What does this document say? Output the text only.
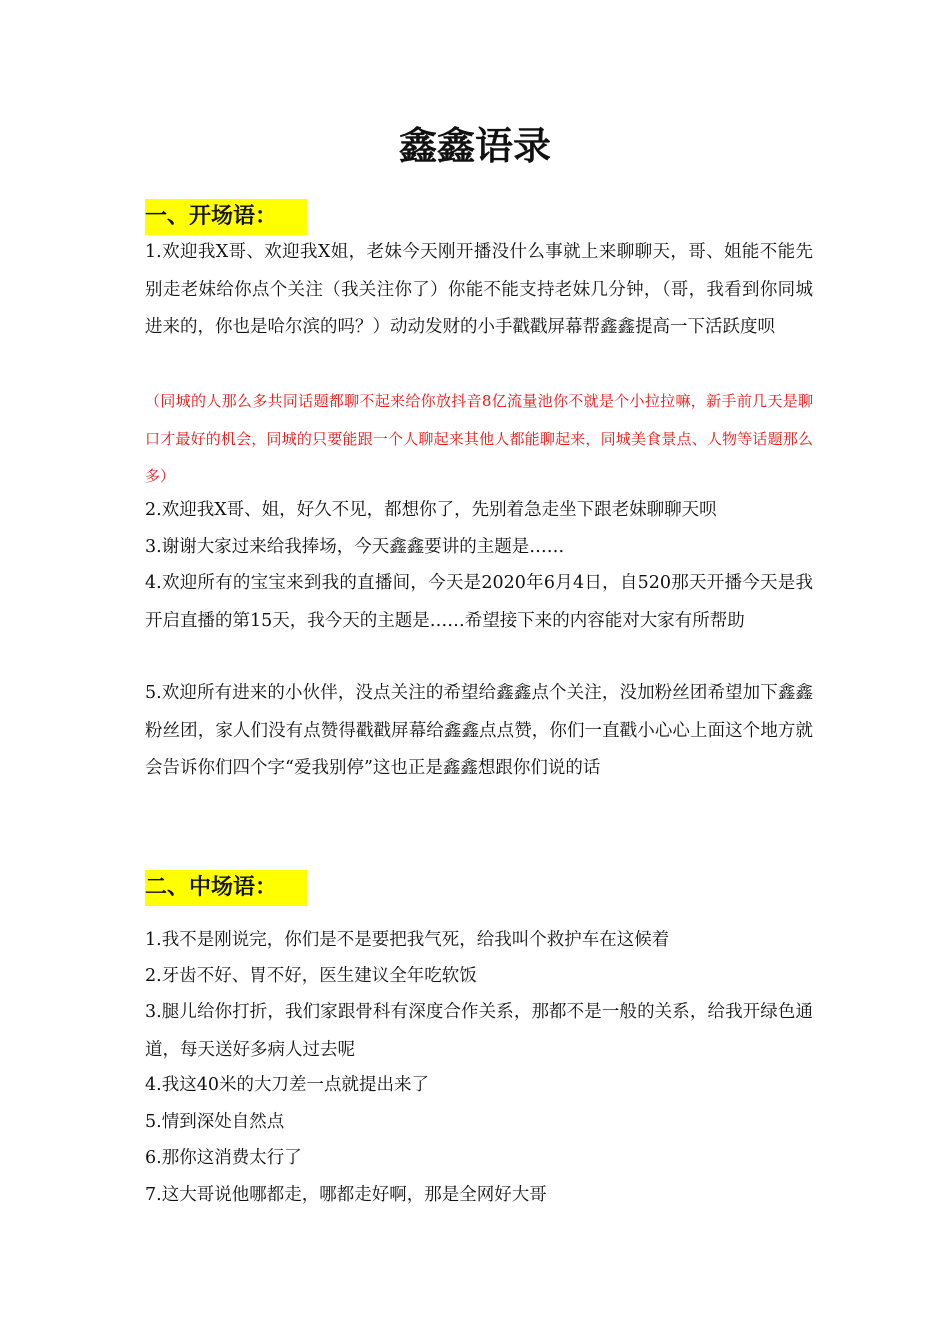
鑫鑫语录
一、开场语：

1.欢迎我X哥、欢迎我X姐，老妹今天刚开播没什么事就上来聊聊天，哥、姐能不能先别走老妹给你点个关注（我关注你了）你能不能支持老妹几分钟，（哥，我看到你同城进来的，你也是哈尔滨的吗？）动动发财的小手戳戳屏幕帮鑫鑫提高一下活跃度呗

（同城的人那么多共同话题都聊不起来给你放抖音8亿流量池你不就是个小拉拉嘛，新手前几天是聊口才最好的机会，同城的只要能跟一个人聊起来其他人都能聊起来，同城美食景点、人物等话题那么多）

2.欢迎我X哥、姐，好久不见，都想你了，先别着急走坐下跟老妹聊聊天呗

3.谢谢大家过来给我捧场，今天鑫鑫要讲的主题是……

4.欢迎所有的宝宝来到我的直播间，今天是2020年6月4日，自520那天开播今天是我开启直播的第15天，我今天的主题是……希望接下来的内容能对大家有所帮助

5.欢迎所有进来的小伙伴，没点关注的希望给鑫鑫点个关注，没加粉丝团希望加下鑫鑫粉丝团，家人们没有点赞得戳戳屏幕给鑫鑫点点赞，你们一直戳小心心上面这个地方就会告诉你们四个字“爱我别停”这也正是鑫鑫想跟你们说的话

二、中场语：

1.我不是刚说完，你们是不是要把我气死，给我叫个救护车在这候着

2.牙齿不好、胃不好，医生建议全年吃软饭

3.腿儿给你打折，我们家跟骨科有深度合作关系，那都不是一般的关系，给我开绿色通道，每天送好多病人过去呢

4.我这40米的大刀差一点就提出来了

5.情到深处自然点

6.那你这消费太行了

7.这大哥说他哪都走，哪都走好啊，那是全网好大哥
